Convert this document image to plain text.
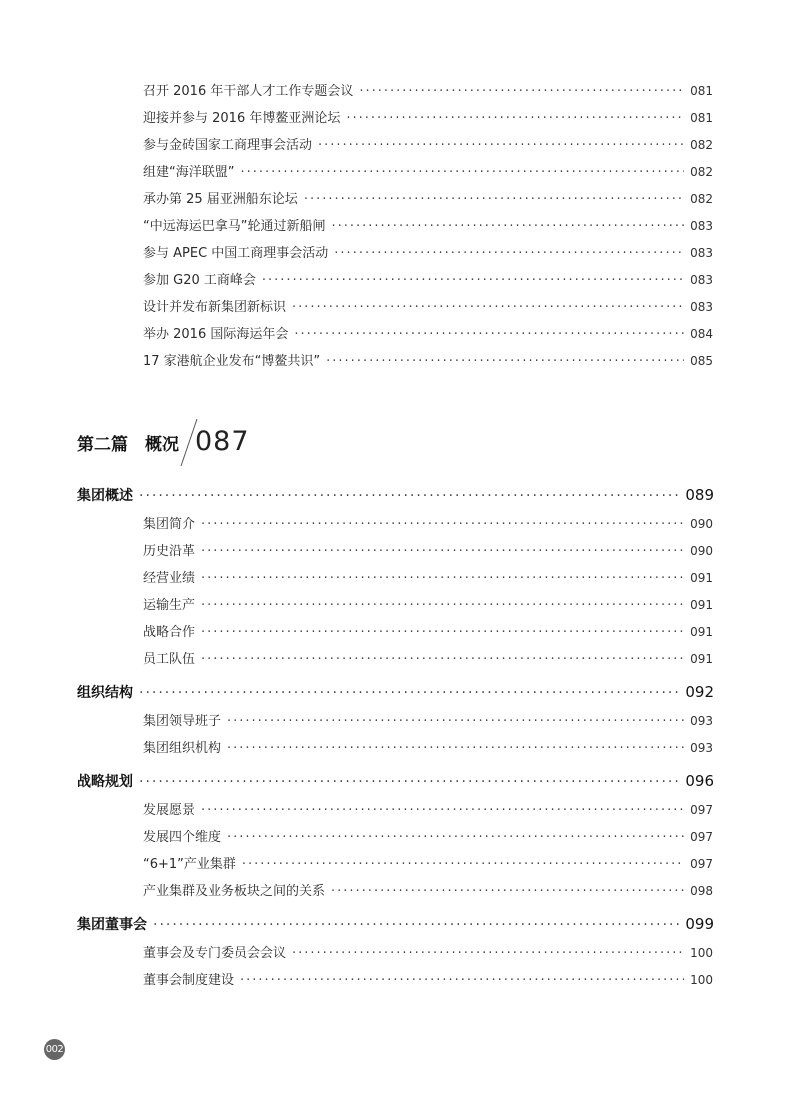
召开 2016 年干部人才工作专题会议 ·····	081
迎接并参与 2016 年博鳌亚洲论坛 ·····	081
参与金砖国家工商理事会活动 ·····	082
组建“海洋联盟” ·····	082
承办第 25 届亚洲船东论坛 ·····	082
“中远海运巴拿马”轮通过新船闸 ·····	083
参与 APEC 中国工商理事会活动 ·····	083
参加 G20 工商峰会 ·····	083
设计并发布新集团新标识 ·····	083
举办 2016 国际海运年会 ·····	084
17 家港航企业发布“博鳌共识” ·····	085
第二篇　概况 087
集团概述 ·····	089
集团简介 ·····	090
历史沿革 ·····	090
经营业绩 ·····	091
运输生产 ·····	091
战略合作 ·····	091
员工队伍 ·····	091
组织结构 ·····	092
集团领导班子 ·····	093
集团组织机构 ·····	093
战略规划 ·····	096
发展愿景 ·····	097
发展四个维度 ·····	097
“6+1”产业集群 ·····	097
产业集群及业务板块之间的关系 ·····	098
集团董事会 ·····	099
董事会及专门委员会会议 ·····	100
董事会制度建设 ·····	100
002
